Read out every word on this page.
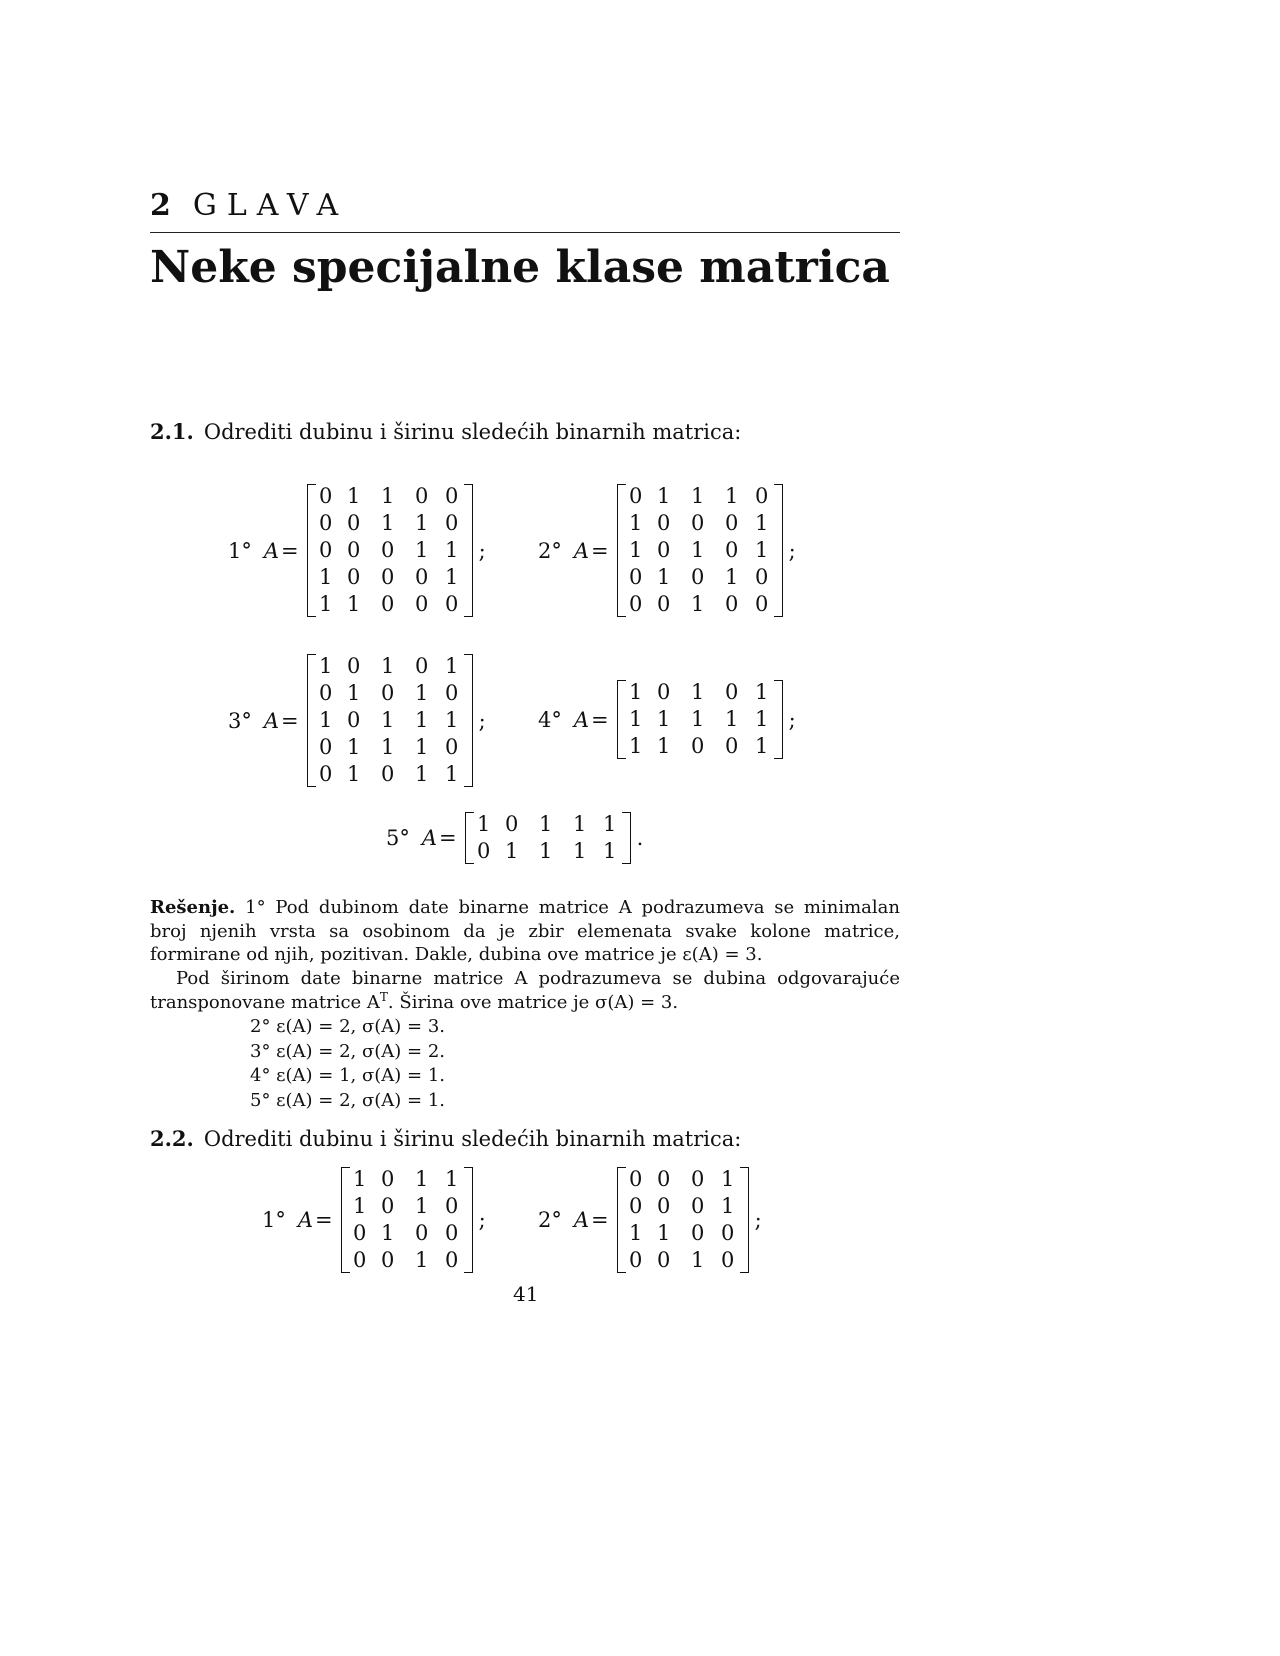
2 GLAVA
Neke specijalne klase matrica
2.1. Odrediti dubinu i širinu sledećih binarnih matrica:
1° A =
0 1 1 0 0
0 0 1 1 0
0 0 0 1 1
1 0 0 0 1
1 1 0 0 0
; 2° A =
0 1 1 1 0
1 0 0 0 1
1 0 1 0 1
0 1 0 1 0
0 0 1 0 0
;
3° A =
1 0 1 0 1
0 1 0 1 0
1 0 1 1 1
0 1 1 1 0
0 1 0 1 1
; 4° A =
1 0 1 0 1
1 1 1 1 1
1 1 0 0 1
;
5° A =
1 0 1 1 1
0 1 1 1 1
.
Rešenje. 1° Pod dubinom date binarne matrice A podrazumeva se minimalan broj njenih vrsta sa osobinom da je zbir elemenata svake kolone matrice, formirane od njih, pozitivan. Dakle, dubina ove matrice je ε(A) = 3.
Pod širinom date binarne matrice A podrazumeva se dubina odgovarajuće transponovane matrice $A^T$. Širina ove matrice je σ(A) = 3.
2° ε(A) = 2, σ(A) = 3.
3° ε(A) = 2, σ(A) = 2.
4° ε(A) = 1, σ(A) = 1.
5° ε(A) = 2, σ(A) = 1.
2.2. Odrediti dubinu i širinu sledećih binarnih matrica:
1° A =
1 0 1 1
1 0 1 0
0 1 0 0
0 0 1 0
; 2° A =
0 0 0 1
0 0 0 1
1 1 0 0
0 0 1 0
;
41
